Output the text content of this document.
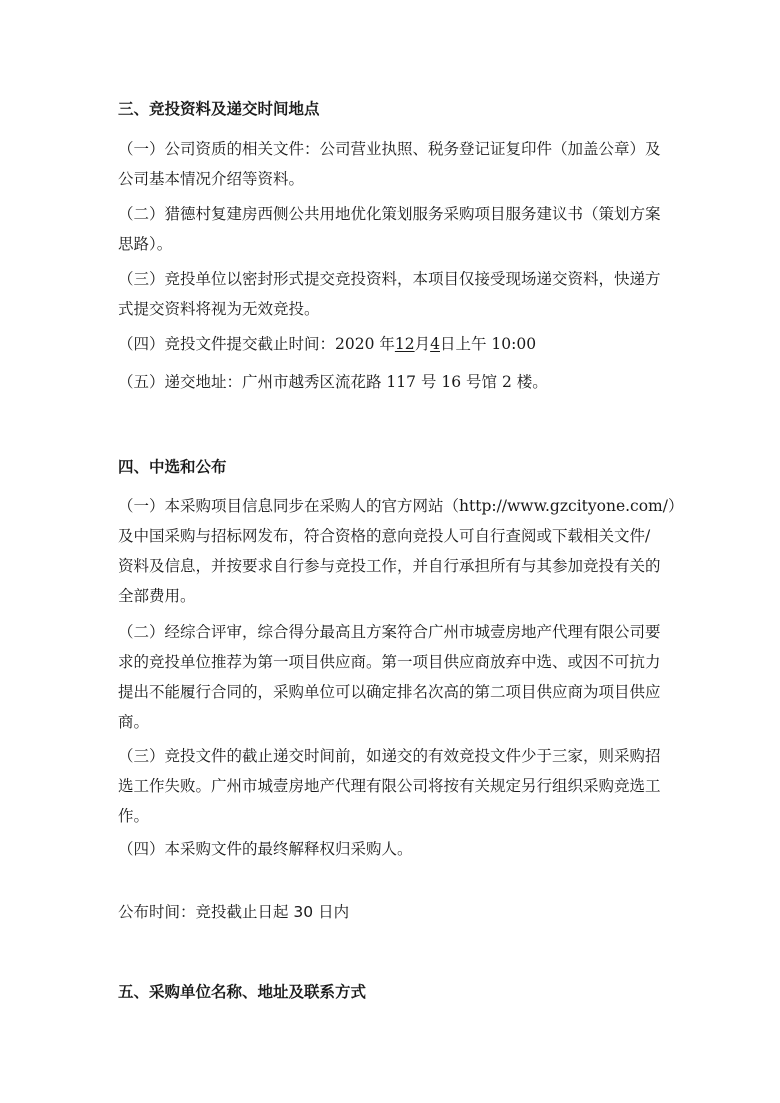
三、竞投资料及递交时间地点
（一）公司资质的相关文件：公司营业执照、税务登记证复印件（加盖公章）及
公司基本情况介绍等资料。
（二）猎德村复建房西侧公共用地优化策划服务采购项目服务建议书（策划方案
思路）。
（三）竞投单位以密封形式提交竞投资料，本项目仅接受现场递交资料，快递方
式提交资料将视为无效竞投。
（四）竞投文件提交截止时间：2020 年12月4日上午 10:00
（五）递交地址：广州市越秀区流花路 117 号 16 号馆 2 楼。
四、中选和公布
（一）本采购项目信息同步在采购人的官方网站（http://www.gzcityone.com/）
及中国采购与招标网发布，符合资格的意向竞投人可自行查阅或下载相关文件/
资料及信息，并按要求自行参与竞投工作，并自行承担所有与其参加竞投有关的
全部费用。
（二）经综合评审，综合得分最高且方案符合广州市城壹房地产代理有限公司要
求的竞投单位推荐为第一项目供应商。第一项目供应商放弃中选、或因不可抗力
提出不能履行合同的，采购单位可以确定排名次高的第二项目供应商为项目供应
商。
（三）竞投文件的截止递交时间前，如递交的有效竞投文件少于三家，则采购招
选工作失败。广州市城壹房地产代理有限公司将按有关规定另行组织采购竞选工
作。
（四）本采购文件的最终解释权归采购人。
公布时间：竞投截止日起 30 日内
五、采购单位名称、地址及联系方式
